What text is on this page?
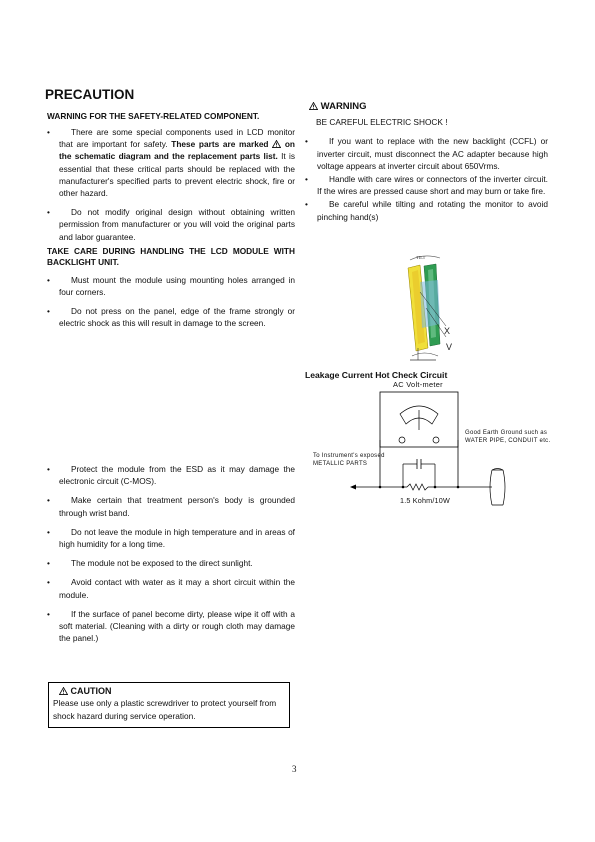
PRECAUTION
WARNING FOR THE SAFETY-RELATED COMPONENT.
•	There are some special components used in LCD monitor that are important for safety. These parts are marked on the schematic diagram and the replacement parts list. It is essential that these critical parts should be replaced with the manufacturer's specified parts to prevent electric shock, fire or other hazard.
•	Do not modify original design without obtaining written permission from manufacturer or you will void the original parts and labor guarantee.
TAKE CARE DURING HANDLING THE LCD MODULE WITH BACKLIGHT UNIT.
•	Must mount the module using mounting holes arranged in four corners.
•	Do not press on the panel, edge of the frame strongly or electric shock as this will result in damage to the screen.
•	Protect the module from the ESD as it may damage the electronic circuit (C-MOS).
•	Make certain that treatment person's body is grounded through wrist band.
•	Do not leave the module in high temperature and in areas of high humidity for a long time.
•	The module not be exposed to the direct sunlight.
•	Avoid contact with water as it may a short circuit within the module.
•	If the surface of panel become dirty, please wipe it off with a soft material. (Cleaning with a dirty or rough cloth may damage the panel.)
WARNING
BE CAREFUL ELECTRIC SHOCK !
•	If you want to replace with the new backlight (CCFL) or inverter circuit, must disconnect the AC adapter because high voltage appears at inverter circuit about 650Vrms.
•	Handle with care wires or connectors of the inverter circuit. If the wires are pressed cause short and may burn or take fire.
•	Be careful while tilting and rotating the monitor to avoid pinching hand(s)
TILT
X
V
Leakage Current Hot Check Circuit
AC Volt-meter
Good Earth Ground such as WATER PIPE, CONDUIT etc.
To Instrument's exposed METALLIC PARTS
1.5 Kohm/10W
CAUTION
Please use only a plastic screwdriver to protect yourself from shock hazard during service operation.
3
